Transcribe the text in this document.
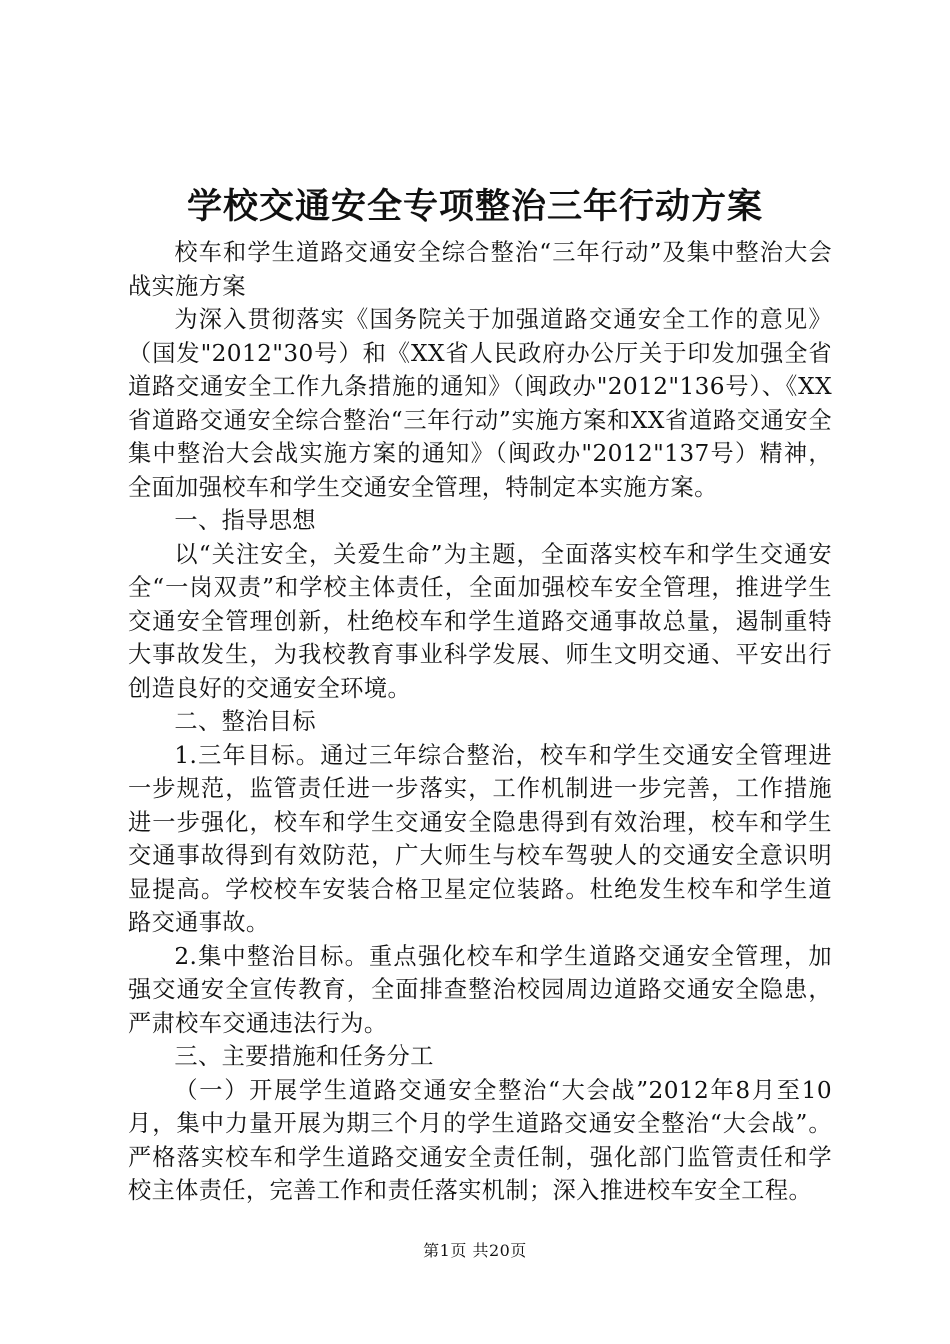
学校交通安全专项整治三年行动方案

校车和学生道路交通安全综合整治“三年行动”及集中整治大会战实施方案

为深入贯彻落实《国务院关于加强道路交通安全工作的意见》（国发"2012"30号）和《XX省人民政府办公厅关于印发加强全省道路交通安全工作九条措施的通知》（闽政办"2012"136号）、《XX省道路交通安全综合整治“三年行动”实施方案和XX省道路交通安全集中整治大会战实施方案的通知》（闽政办"2012"137号）精神，全面加强校车和学生交通安全管理，特制定本实施方案。

一、指导思想

以“关注安全，关爱生命”为主题，全面落实校车和学生交通安全“一岗双责”和学校主体责任，全面加强校车安全管理，推进学生交通安全管理创新，杜绝校车和学生道路交通事故总量，遏制重特大事故发生，为我校教育事业科学发展、师生文明交通、平安出行创造良好的交通安全环境。

二、整治目标

1.三年目标。通过三年综合整治，校车和学生交通安全管理进一步规范，监管责任进一步落实，工作机制进一步完善，工作措施进一步强化，校车和学生交通安全隐患得到有效治理，校车和学生交通事故得到有效防范，广大师生与校车驾驶人的交通安全意识明显提高。学校校车安装合格卫星定位装路。杜绝发生校车和学生道路交通事故。

2.集中整治目标。重点强化校车和学生道路交通安全管理，加强交通安全宣传教育，全面排查整治校园周边道路交通安全隐患，严肃校车交通违法行为。

三、主要措施和任务分工

（一）开展学生道路交通安全整治“大会战”2012年8月至10月，集中力量开展为期三个月的学生道路交通安全整治“大会战”。严格落实校车和学生道路交通安全责任制，强化部门监管责任和学校主体责任，完善工作和责任落实机制；深入推进校车安全工程。

第1页 共20页
